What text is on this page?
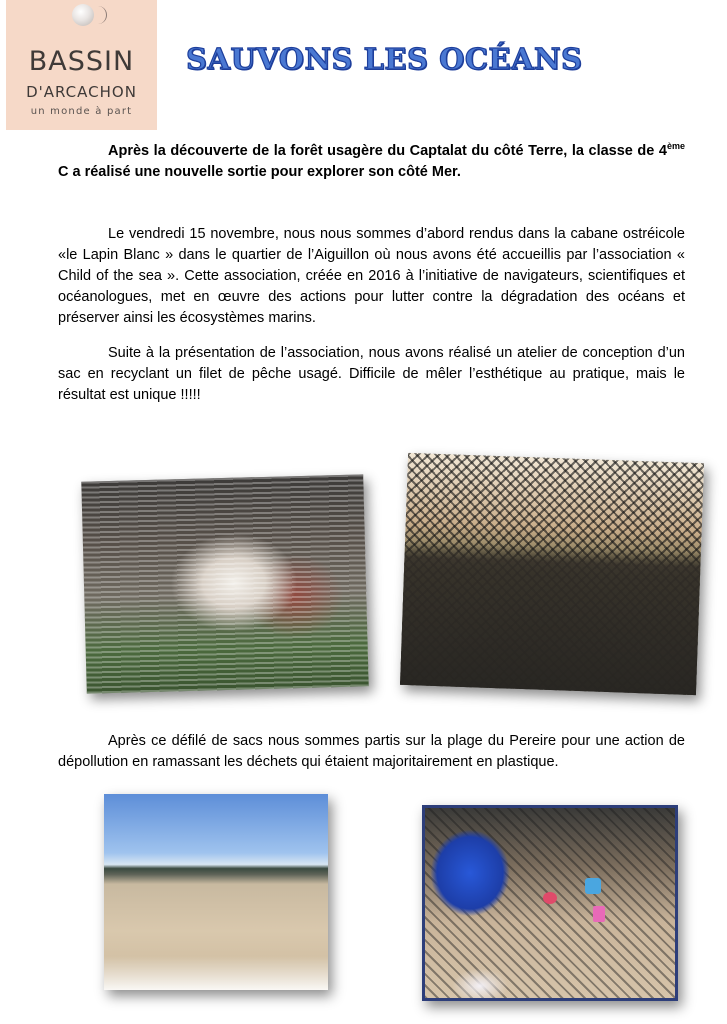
BASSIN
D'ARCACHON
un monde à part
SAUVONS LES OCÉANS
Après la découverte de la forêt usagère du Captalat du côté Terre, la classe de 4ème C a réalisé une nouvelle sortie pour explorer son côté Mer.
Le vendredi 15 novembre, nous nous sommes d’abord rendus dans la cabane ostréicole «le Lapin Blanc » dans le quartier de l’Aiguillon où nous avons été accueillis par l’association « Child of the sea ». Cette association, créée en 2016 à l’initiative de navigateurs, scientifiques et océanologues, met en œuvre des actions pour lutter contre la dégradation des océans et préserver ainsi les écosystèmes marins.
Suite à la présentation de l’association, nous avons réalisé un atelier de conception d’un sac en recyclant un filet de pêche usagé. Difficile de mêler l’esthétique au pratique, mais le résultat est unique !!!!!
Après ce défilé de sacs nous sommes partis sur la plage du Pereire pour une action de dépollution en ramassant les déchets qui étaient majoritairement en plastique.
